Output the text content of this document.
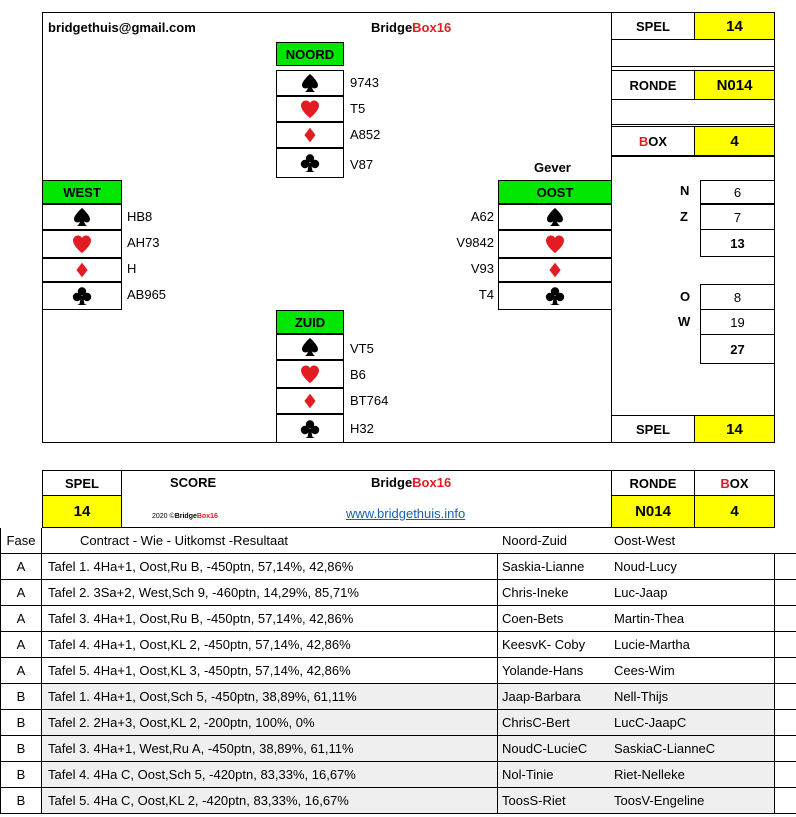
bridgethuis@gmail.com	BridgeBox16
NOORD
9743
T5
A852
V87
WEST
HB8
AH73
H
AB965
Gever
OOST
A62
V9842
V93
T4
ZUID
VT5
B6
BT764
H32
SPEL	14
RONDE	N014
B OX	4
N	6
Z	7
13
O	8
W	19
27
SPEL	14
SPEL
14
SCORE	BridgeBox16
2020 ©BridgeBox16	www.bridgethuis.info
RONDE
N014
B OX
4
Fase	Contract - Wie - Uitkomst -Resultaat	Noord-Zuid	Oost-West
A	Tafel 1. 4Ha+1, Oost,Ru B, -450ptn, 57,14%, 42,86%	Saskia-Lianne	Noud-Lucy
A	Tafel 2. 3Sa+2, West,Sch 9, -460ptn, 14,29%, 85,71%	Chris-Ineke	Luc-Jaap
A	Tafel 3. 4Ha+1, Oost,Ru B, -450ptn, 57,14%, 42,86%	Coen-Bets	Martin-Thea
A	Tafel 4. 4Ha+1, Oost,KL 2, -450ptn, 57,14%, 42,86%	KeesvK- Coby	Lucie-Martha
A	Tafel 5. 4Ha+1, Oost,KL 3, -450ptn, 57,14%, 42,86%	Yolande-Hans	Cees-Wim
B	Tafel 1. 4Ha+1, Oost,Sch 5, -450ptn, 38,89%, 61,11%	Jaap-Barbara	Nell-Thijs
B	Tafel 2. 2Ha+3, Oost,KL 2, -200ptn, 100%, 0%	ChrisC-Bert	LucC-JaapC
B	Tafel 3. 4Ha+1, West,Ru A, -450ptn, 38,89%, 61,11%	NoudC-LucieC	SaskiaC-LianneC
B	Tafel 4. 4Ha C, Oost,Sch 5, -420ptn, 83,33%, 16,67%	Nol-Tinie	Riet-Nelleke
B	Tafel 5. 4Ha C, Oost,KL 2, -420ptn, 83,33%, 16,67%	ToosS-Riet	ToosV-Engeline
